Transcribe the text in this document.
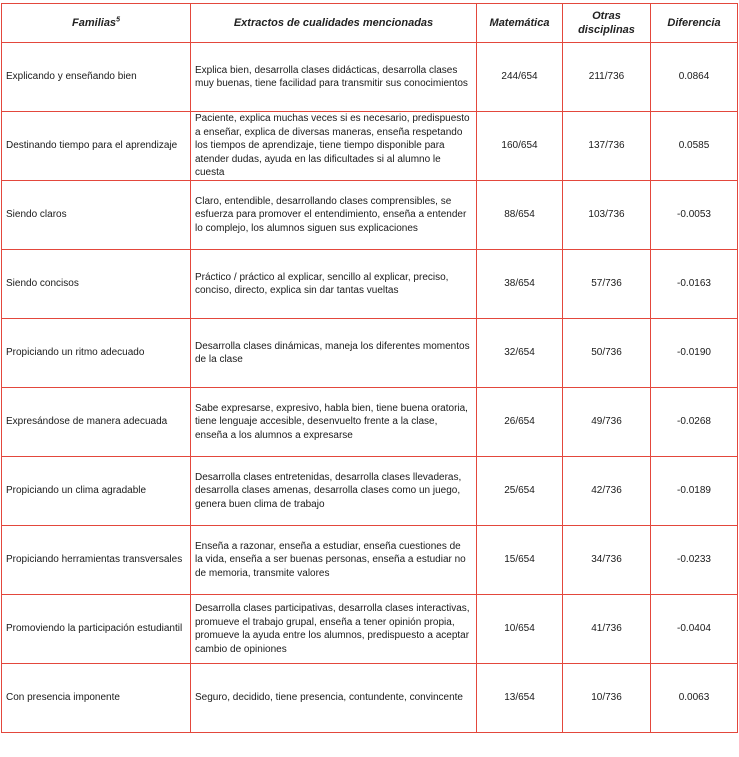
Familias$^5$	Extractos de cualidades mencionadas	Matemática	Otras disciplinas	Diferencia
Explicando y enseñando bien	Explica bien, desarrolla clases didácticas, desarrolla clases muy buenas, tiene facilidad para transmitir sus conocimientos	244/654	211/736	0.0864
Destinando tiempo para el aprendizaje	Paciente, explica muchas veces si es necesario, predispuesto a enseñar, explica de diversas maneras, enseña respetando los tiempos de aprendizaje, tiene tiempo disponible para atender dudas, ayuda en las dificultades si al alumno le cuesta	160/654	137/736	0.0585
Siendo claros	Claro, entendible, desarrollando clases comprensibles, se esfuerza para promover el entendimiento, enseña a entender lo complejo, los alumnos siguen sus explicaciones	88/654	103/736	-0.0053
Siendo concisos	Práctico / práctico al explicar, sencillo al explicar, preciso, conciso, directo, explica sin dar tantas vueltas	38/654	57/736	-0.0163
Propiciando un ritmo adecuado	Desarrolla clases dinámicas, maneja los diferentes momentos de la clase	32/654	50/736	-0.0190
Expresándose de manera adecuada	Sabe expresarse, expresivo, habla bien, tiene buena oratoria, tiene lenguaje accesible, desenvuelto frente a la clase, enseña a los alumnos a expresarse	26/654	49/736	-0.0268
Propiciando un clima agradable	Desarrolla clases entretenidas, desarrolla clases llevaderas, desarrolla clases amenas, desarrolla clases como un juego, genera buen clima de trabajo	25/654	42/736	-0.0189
Propiciando herramientas transversales	Enseña a razonar, enseña a estudiar, enseña cuestiones de la vida, enseña a ser buenas personas, enseña a estudiar no de memoria, transmite valores	15/654	34/736	-0.0233
Promoviendo la participación estudiantil	Desarrolla clases participativas, desarrolla clases interactivas, promueve el trabajo grupal, enseña a tener opinión propia, promueve la ayuda entre los alumnos, predispuesto a aceptar cambio de opiniones	10/654	41/736	-0.0404
Con presencia imponente	Seguro, decidido, tiene presencia, contundente, convincente	13/654	10/736	0.0063
